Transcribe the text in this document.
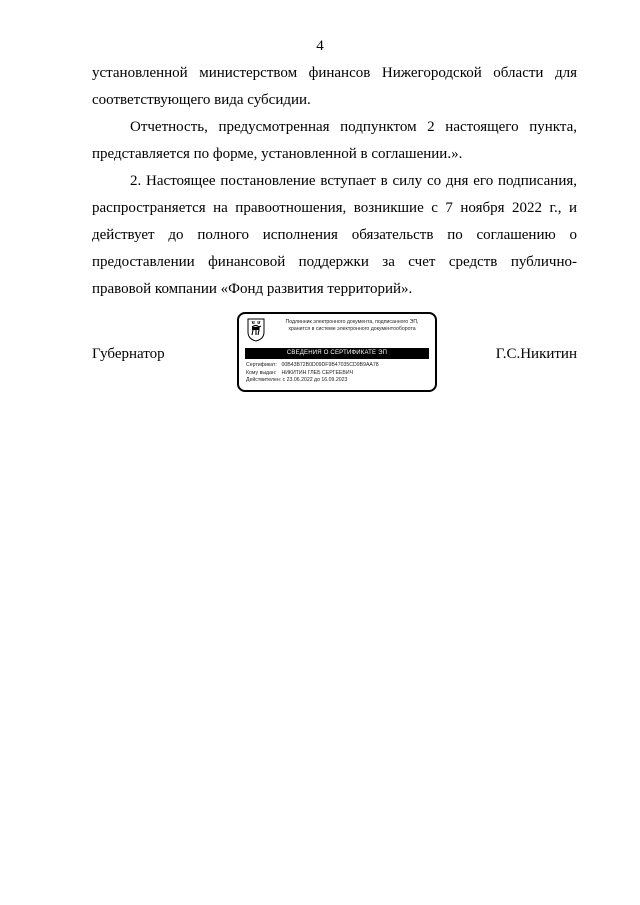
4

установленной министерством финансов Нижегородской области для соответствующего вида субсидии.

Отчетность, предусмотренная подпунктом 2 настоящего пункта, представляется по форме, установленной в соглашении.».

2. Настоящее постановление вступает в силу со дня его подписания, распространяется на правоотношения, возникшие с 7 ноября 2022 г., и действует до полного исполнения обязательств по соглашению о предоставлении финансовой поддержки за счет средств публично-правовой компании «Фонд развития территорий».

Губернатор
Подлинник электронного документа, подписанного ЭП,
хранится в системе электронного документооборота
СВЕДЕНИЯ О СЕРТИФИКАТЕ ЭП
Сертификат: 00B43B72B0D09DF9B47035CD9B9AA78
Кому выдан: НИКИТИН ГЛЕБ СЕРГЕЕВИЧ
Действителен: с 23.06.2022 до 16.09.2023
Г.С.Никитин
